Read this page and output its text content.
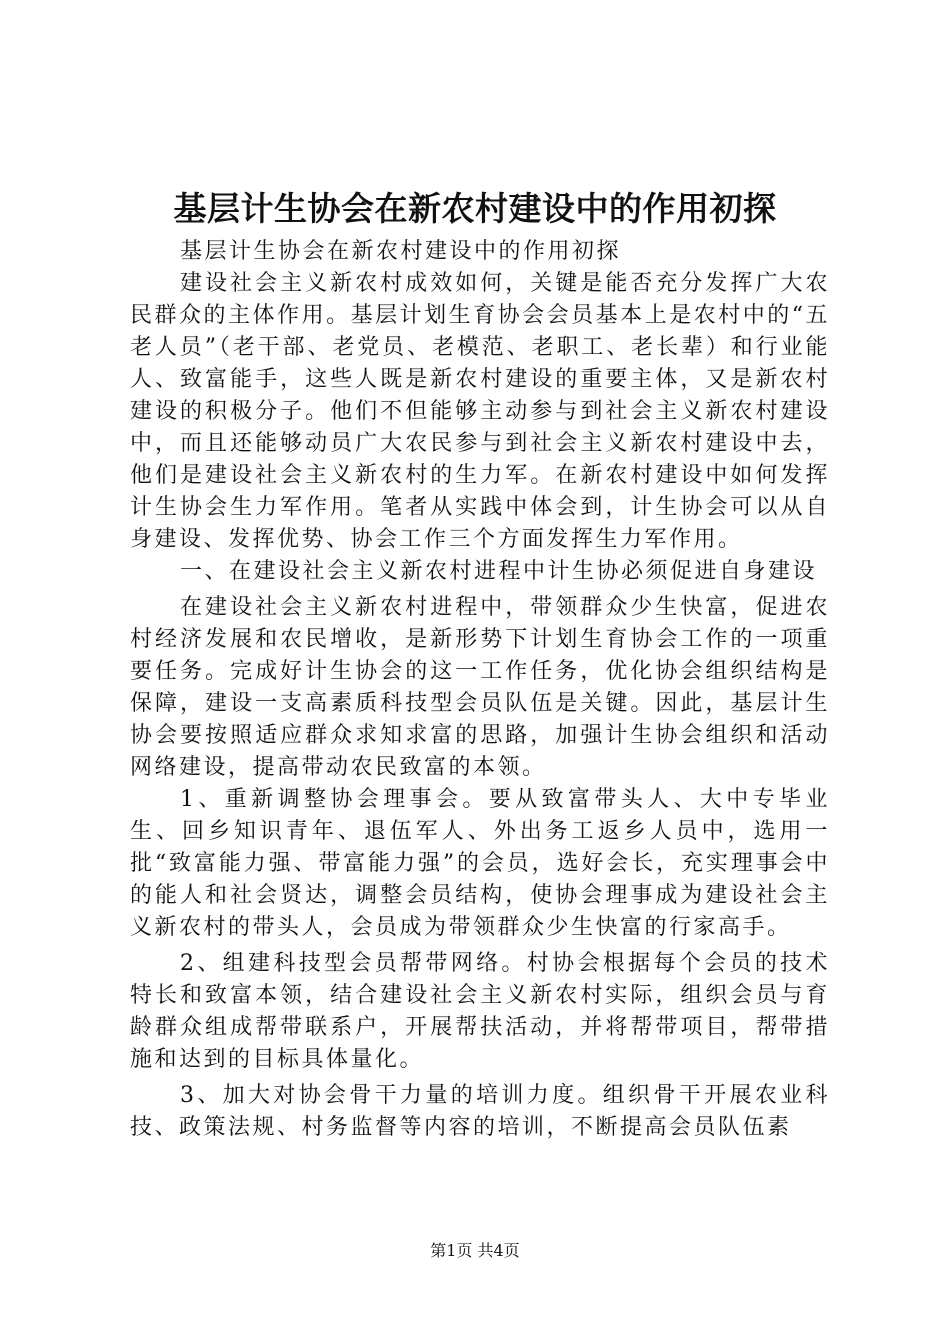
基层计生协会在新农村建设中的作用初探

基层计生协会在新农村建设中的作用初探

建设社会主义新农村成效如何，关键是能否充分发挥广大农民群众的主体作用。基层计划生育协会会员基本上是农村中的“五老人员”（老干部、老党员、老模范、老职工、老长辈）和行业能人、致富能手，这些人既是新农村建设的重要主体，又是新农村建设的积极分子。他们不但能够主动参与到社会主义新农村建设中，而且还能够动员广大农民参与到社会主义新农村建设中去，他们是建设社会主义新农村的生力军。在新农村建设中如何发挥计生协会生力军作用。笔者从实践中体会到，计生协会可以从自身建设、发挥优势、协会工作三个方面发挥生力军作用。

一、在建设社会主义新农村进程中计生协必须促进自身建设

在建设社会主义新农村进程中，带领群众少生快富，促进农村经济发展和农民增收，是新形势下计划生育协会工作的一项重要任务。完成好计生协会的这一工作任务，优化协会组织结构是保障，建设一支高素质科技型会员队伍是关键。因此，基层计生协会要按照适应群众求知求富的思路，加强计生协会组织和活动网络建设，提高带动农民致富的本领。

1、重新调整协会理事会。要从致富带头人、大中专毕业生、回乡知识青年、退伍军人、外出务工返乡人员中，选用一批“致富能力强、带富能力强”的会员，选好会长，充实理事会中的能人和社会贤达，调整会员结构，使协会理事成为建设社会主义新农村的带头人，会员成为带领群众少生快富的行家高手。

2、组建科技型会员帮带网络。村协会根据每个会员的技术特长和致富本领，结合建设社会主义新农村实际，组织会员与育龄群众组成帮带联系户，开展帮扶活动，并将帮带项目，帮带措施和达到的目标具体量化。

3、加大对协会骨干力量的培训力度。组织骨干开展农业科技、政策法规、村务监督等内容的培训，不断提高会员队伍素

第1页 共4页
